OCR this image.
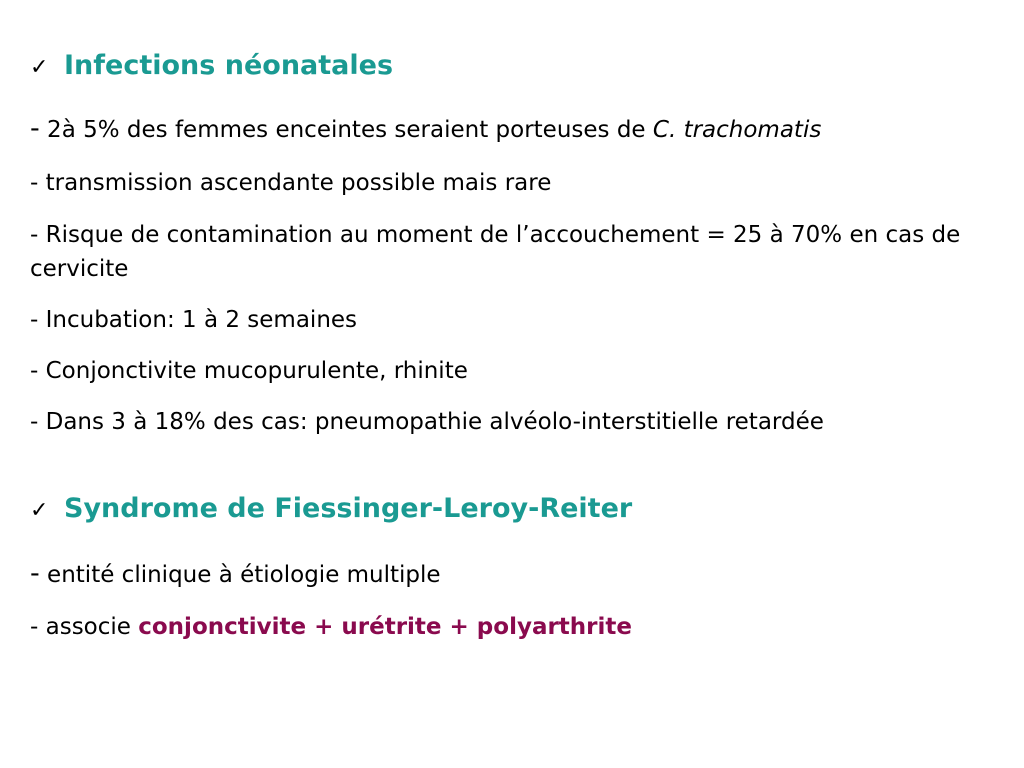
✓ Infections néonatales
- 2à 5% des femmes enceintes seraient porteuses de C. trachomatis
- transmission ascendante possible mais rare
- Risque de contamination au moment de l’accouchement = 25 à 70% en cas de cervicite
- Incubation: 1 à 2 semaines
- Conjonctivite mucopurulente, rhinite
- Dans 3 à 18% des cas: pneumopathie alvéolo-interstitielle retardée
✓ Syndrome de Fiessinger-Leroy-Reiter
- entité clinique à étiologie multiple
- associe conjonctivite + urétrite + polyarthrite
